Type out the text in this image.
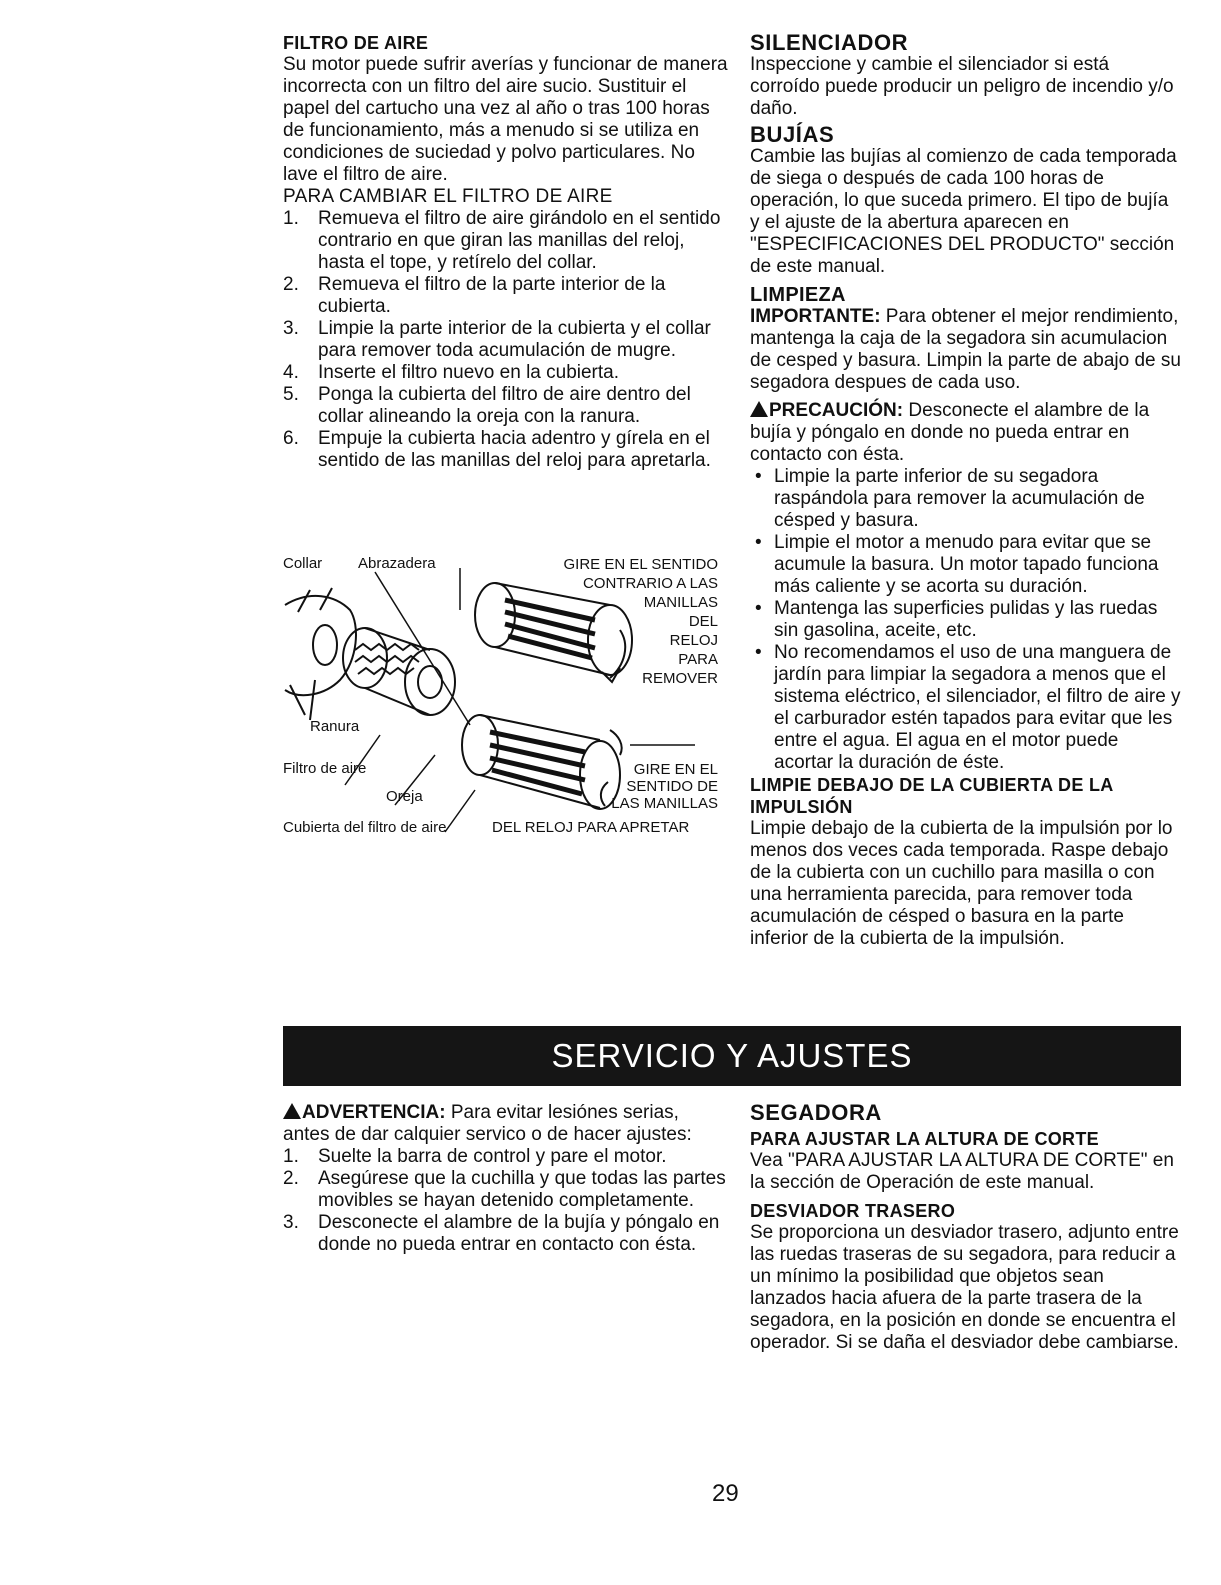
FILTRO DE AIRE

Su motor puede sufrir averías y funcionar de manera incorrecta con un filtro del aire sucio. Sustituir el papel del cartucho una vez al año o tras 100 horas de funcionamiento, más a menudo si se utiliza en condiciones de suciedad y polvo particulares. No lave el filtro de aire.

PARA CAMBIAR EL FILTRO DE AIRE

1. Remueva el filtro de aire girándolo en el sentido contrario en que giran las manillas del reloj, hasta el tope, y retírelo del collar.
2. Remueva el filtro de la parte interior de la cubierta.
3. Limpie la parte interior de la cubierta y el collar para remover toda acumulación de mugre.
4. Inserte el filtro nuevo en la cubierta.
5. Ponga la cubierta del filtro de aire dentro del collar alineando la oreja con la ranura.
6. Empuje la cubierta hacia adentro y gírela en el sentido de las manillas del reloj para apretarla.
Collar Abrazadera	GIRE EN EL SENTIDO
CONTRARIO A LAS
MANILLAS
DEL
RELOJ
PARA
REMOVER
Ranura
Filtro de aire
Oreja
GIRE EN EL
SENTIDO DE
LAS MANILLAS
Cubierta del filtro de aire	DEL RELOJ PARA APRETAR

SILENCIADOR

Inspeccione y cambie el silenciador si está corroído puede producir un peligro de incendio y/o daño.

BUJÍAS

Cambie las bujías al comienzo de cada temporada de siega o después de cada 100 horas de operación, lo que suceda primero. El tipo de bujía y el ajuste de la abertura aparecen en "ESPECIFICACIONES DEL PRODUCTO" sección de este manual.

LIMPIEZA

IMPORTANTE: Para obtener el mejor rendimiento, mantenga la caja de la segadora sin acumulacion de cesped y basura. Limpin la parte de abajo de su segadora despues de cada uso.

PRECAUCIÓN: Desconecte el alambre de la bujía y póngalo en donde no pueda entrar en contacto con ésta.

• Limpie la parte inferior de su segadora raspándola para remover la acumulación de césped y basura.
• Limpie el motor a menudo para evitar que se acumule la basura. Un motor tapado funciona más caliente y se acorta su duración.
• Mantenga las superficies pulidas y las ruedas sin gasolina, aceite, etc.
• No recomendamos el uso de una manguera de jardín para limpiar la segadora a menos que el sistema eléctrico, el silenciador, el filtro de aire y el carburador estén tapados para evitar que les entre el agua. El agua en el motor puede acortar la duración de éste.

LIMPIE DEBAJO DE LA CUBIERTA DE LA IMPULSIÓN

Limpie debajo de la cubierta de la impulsión por lo menos dos veces cada temporada. Raspe debajo de la cubierta con un cuchillo para masilla o con una herramienta parecida, para remover toda acumulación de césped o basura en la parte inferior de la cubierta de la impulsión.

SERVICIO Y AJUSTES

ADVERTENCIA: Para evitar lesiónes serias, antes de dar calquier servico o de hacer ajustes:

1. Suelte la barra de control y pare el motor.
2. Asegúrese que la cuchilla y que todas las partes movibles se hayan detenido completamente.
3. Desconecte el alambre de la bujía y póngalo en donde no pueda entrar en contacto con ésta.

SEGADORA

PARA AJUSTAR LA ALTURA DE CORTE

Vea "PARA AJUSTAR LA ALTURA DE CORTE" en la sección de Operación de este manual.

DESVIADOR TRASERO

Se proporciona un desviador trasero, adjunto entre las ruedas traseras de su segadora, para reducir a un mínimo la posibilidad que objetos sean lanzados hacia afuera de la parte trasera de la segadora, en la posición en donde se encuentra el operador. Si se daña el desviador debe cambiarse.

29
